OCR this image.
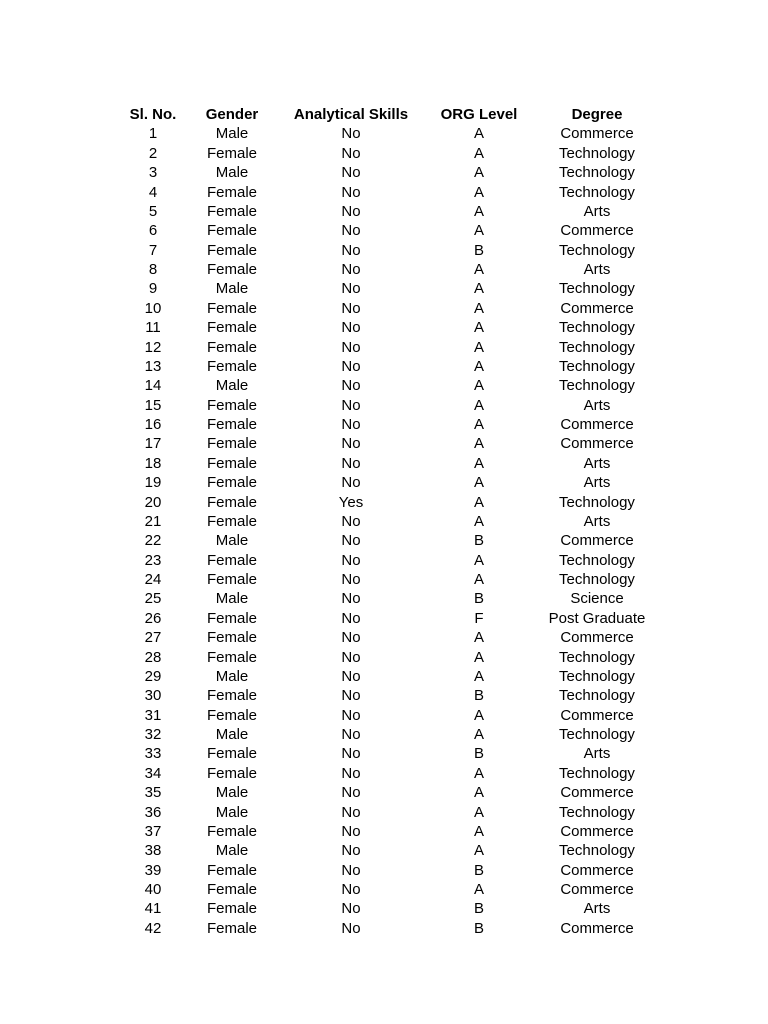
Sl. No.	Gender	Analytical Skills	ORG Level	Degree
1	Male	No	A	Commerce
2	Female	No	A	Technology
3	Male	No	A	Technology
4	Female	No	A	Technology
5	Female	No	A	Arts
6	Female	No	A	Commerce
7	Female	No	B	Technology
8	Female	No	A	Arts
9	Male	No	A	Technology
10	Female	No	A	Commerce
11	Female	No	A	Technology
12	Female	No	A	Technology
13	Female	No	A	Technology
14	Male	No	A	Technology
15	Female	No	A	Arts
16	Female	No	A	Commerce
17	Female	No	A	Commerce
18	Female	No	A	Arts
19	Female	No	A	Arts
20	Female	Yes	A	Technology
21	Female	No	A	Arts
22	Male	No	B	Commerce
23	Female	No	A	Technology
24	Female	No	A	Technology
25	Male	No	B	Science
26	Female	No	F	Post Graduate
27	Female	No	A	Commerce
28	Female	No	A	Technology
29	Male	No	A	Technology
30	Female	No	B	Technology
31	Female	No	A	Commerce
32	Male	No	A	Technology
33	Female	No	B	Arts
34	Female	No	A	Technology
35	Male	No	A	Commerce
36	Male	No	A	Technology
37	Female	No	A	Commerce
38	Male	No	A	Technology
39	Female	No	B	Commerce
40	Female	No	A	Commerce
41	Female	No	B	Arts
42	Female	No	B	Commerce
